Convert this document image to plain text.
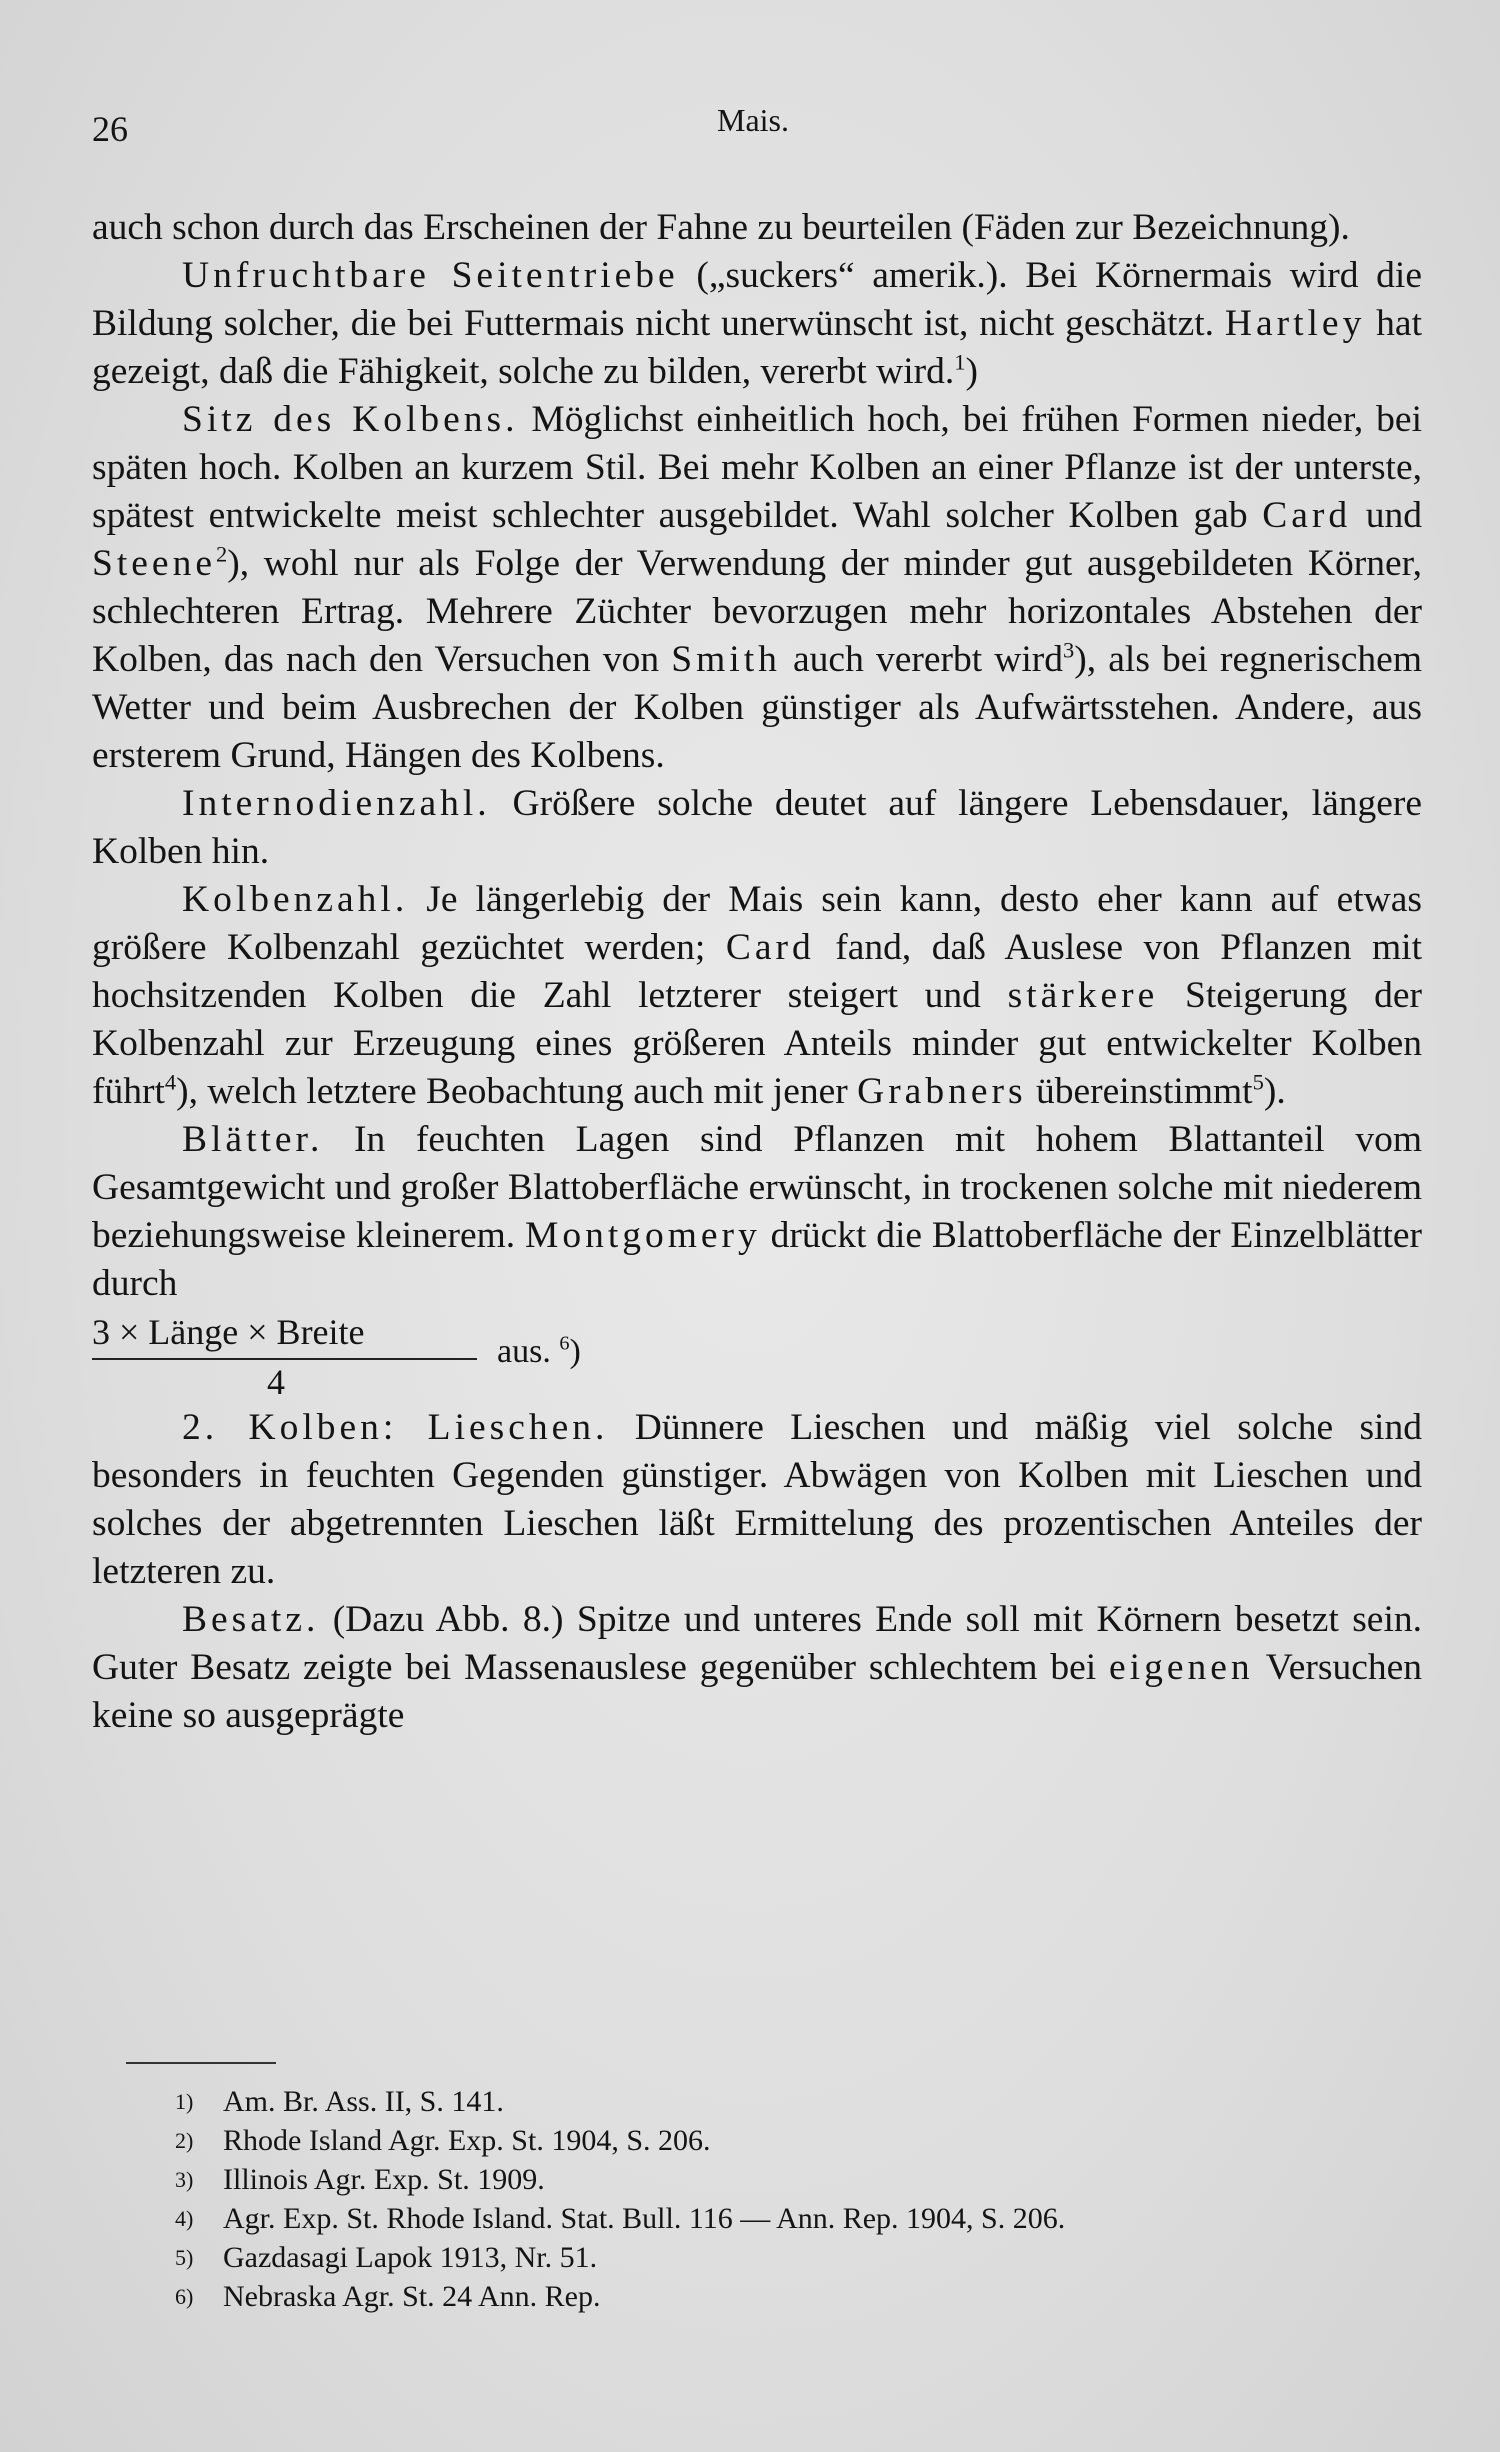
26	Mais.

auch schon durch das Erscheinen der Fahne zu beurteilen (Fäden zur Bezeichnung).

Unfruchtbare Seitentriebe („suckers“ amerik.). Bei Körnermais wird die Bildung solcher, die bei Futtermais nicht unerwünscht ist, nicht geschätzt. Hartley hat gezeigt, daß die Fähigkeit, solche zu bilden, vererbt wird.$^1$)

Sitz des Kolbens. Möglichst einheitlich hoch, bei frühen Formen nieder, bei späten hoch. Kolben an kurzem Stil. Bei mehr Kolben an einer Pflanze ist der unterste, spätest entwickelte meist schlechter ausgebildet. Wahl solcher Kolben gab Card und Steene$^2$), wohl nur als Folge der Verwendung der minder gut ausgebildeten Körner, schlechteren Ertrag. Mehrere Züchter bevorzugen mehr horizontales Abstehen der Kolben, das nach den Versuchen von Smith auch vererbt wird$^3$), als bei regnerischem Wetter und beim Ausbrechen der Kolben günstiger als Aufwärtsstehen. Andere, aus ersterem Grund, Hängen des Kolbens.

Internodienzahl. Größere solche deutet auf längere Lebensdauer, längere Kolben hin.

Kolbenzahl. Je längerlebig der Mais sein kann, desto eher kann auf etwas größere Kolbenzahl gezüchtet werden; Card fand, daß Auslese von Pflanzen mit hochsitzenden Kolben die Zahl letzterer steigert und stärkere Steigerung der Kolbenzahl zur Erzeugung eines größeren Anteils minder gut entwickelter Kolben führt$^4$), welch letztere Beobachtung auch mit jener Grabners übereinstimmt$^5$).

Blätter. In feuchten Lagen sind Pflanzen mit hohem Blattanteil vom Gesamtgewicht und großer Blattoberfläche erwünscht, in trockenen solche mit niederem beziehungsweise kleinerem. Montgomery drückt die Blattoberfläche der Einzelblätter durch

3 × Länge × Breite
4
aus. $^6$)

2. Kolben: Lieschen. Dünnere Lieschen und mäßig viel solche sind besonders in feuchten Gegenden günstiger. Abwägen von Kolben mit Lieschen und solches der abgetrennten Lieschen läßt Ermittelung des prozentischen Anteiles der letzteren zu.

Besatz. (Dazu Abb. 8.) Spitze und unteres Ende soll mit Körnern besetzt sein. Guter Besatz zeigte bei Massenauslese gegenüber schlechtem bei eigenen Versuchen keine so ausgeprägte

1) Am. Br. Ass. II, S. 141.
2) Rhode Island Agr. Exp. St. 1904, S. 206.
3) Illinois Agr. Exp. St. 1909.
4) Agr. Exp. St. Rhode Island. Stat. Bull. 116 — Ann. Rep. 1904, S. 206.
5) Gazdasagi Lapok 1913, Nr. 51.
6) Nebraska Agr. St. 24 Ann. Rep.
